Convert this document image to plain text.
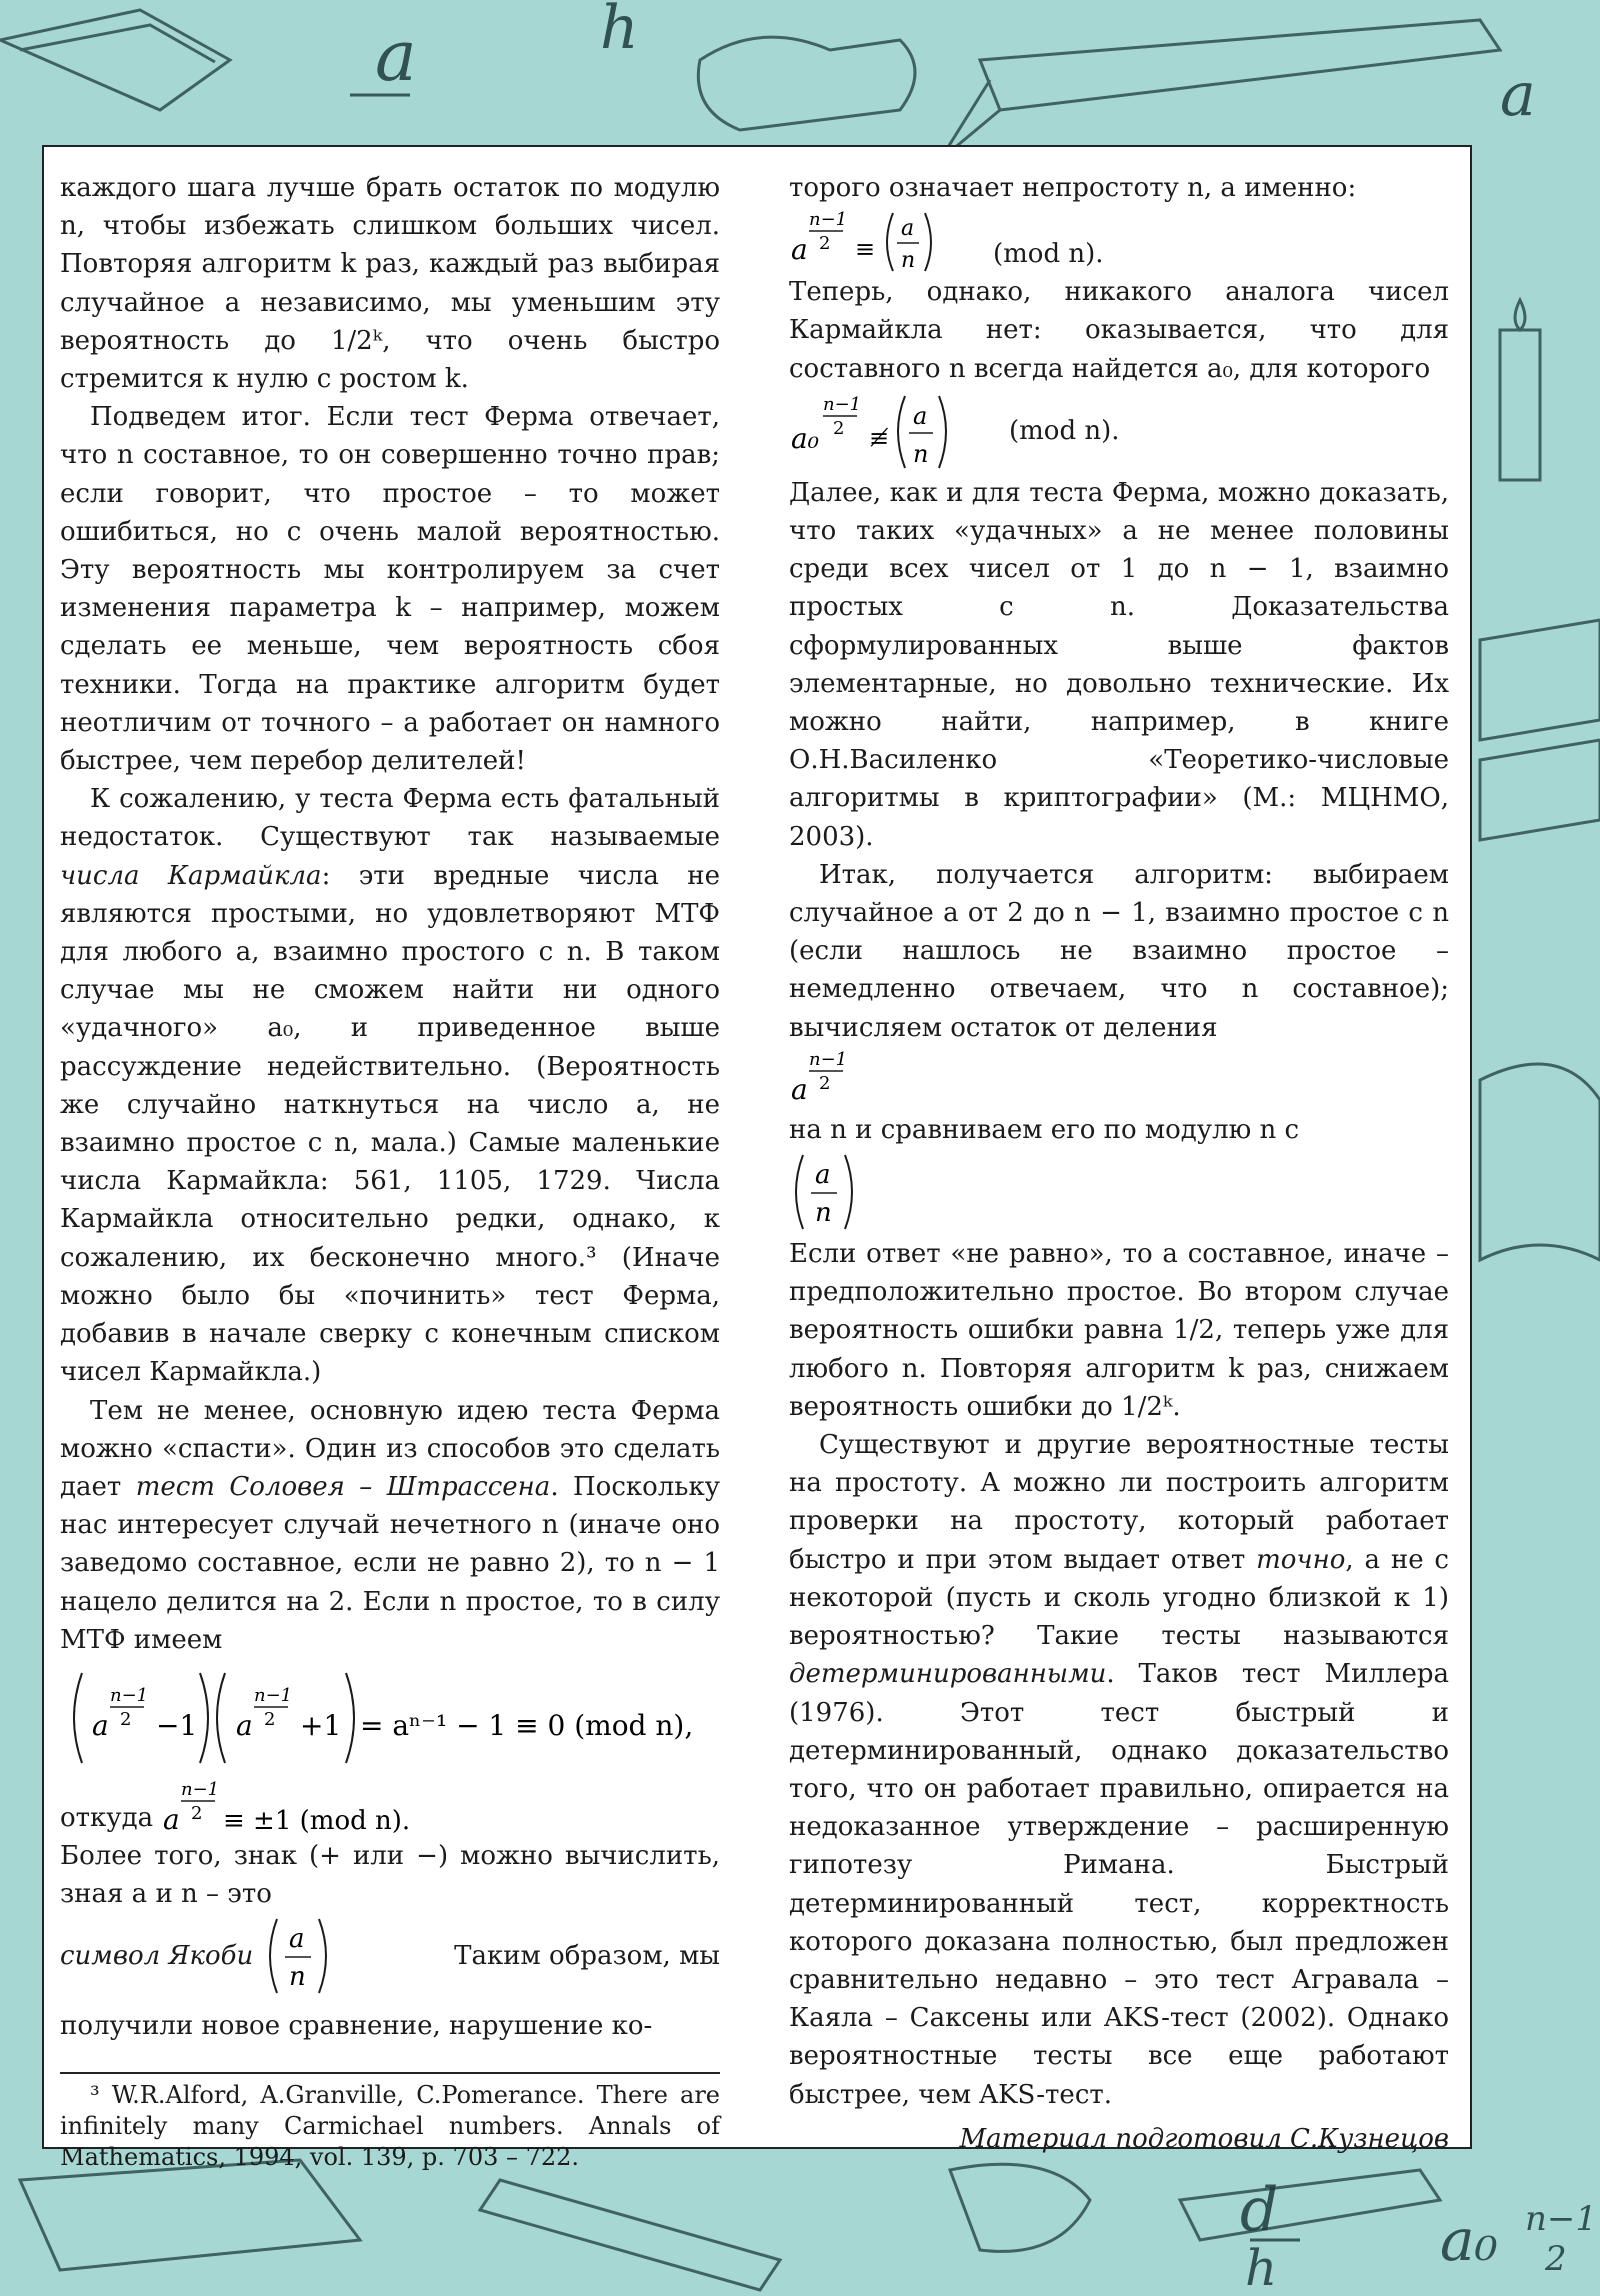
a	h
a
d
h	a₀ n−1
2

каждого шага лучше брать остаток по модулю n, чтобы избежать слишком больших чисел. Повторяя алгоритм k раз, каждый раз выбирая случайное a независимо, мы уменьшим эту вероятность до 1/2ᵏ, что очень быстро стремится к нулю с ростом k.

Подведем итог. Если тест Ферма отвечает, что n составное, то он совершенно точно прав; если говорит, что простое – то может ошибиться, но с очень малой вероятностью. Эту вероятность мы контролируем за счет изменения параметра k – например, можем сделать ее меньше, чем вероятность сбоя техники. Тогда на практике алгоритм будет неотличим от точного – а работает он намного быстрее, чем перебор делителей!

К сожалению, у теста Ферма есть фатальный недостаток. Существуют так называемые числа Кармайкла: эти вредные числа не являются простыми, но удовлетворяют МТФ для любого a, взаимно простого с n. В таком случае мы не сможем найти ни одного «удачного» a₀, и приведенное выше рассуждение недействительно. (Вероятность же случайно наткнуться на число a, не взаимно простое с n, мала.) Самые маленькие числа Кармайкла: 561, 1105, 1729. Числа Кармайкла относительно редки, однако, к сожалению, их бесконечно много.³ (Иначе можно было бы «починить» тест Ферма, добавив в начале сверку с конечным списком чисел Кармайкла.)

Тем не менее, основную идею теста Ферма можно «спасти». Один из способов это сделать дает тест Соловея – Штрассена. Поскольку нас интересует случай нечетного n (иначе оно заведомо составное, если не равно 2), то n − 1 нацело делится на 2. Если n простое, то в силу МТФ имеем

a
n−1
2 −1 a
n−1
2 +1 = aⁿ⁻¹ − 1 ≡ 0 (mod n),
откуда a
n−1
2 ≡ ±1 (mod n).

Более того, знак (+ или −) можно вычислить, зная a и n – это

символ Якоби
a
n
Таким образом, мы

получили новое сравнение, нарушение ко-

³ W.R.Alford, A.Granville, C.Pomerance. There are infinitely many Carmichael numbers. Annals of Mathematics, 1994, vol. 139, p. 703 – 722.

торого означает непростоту n, а именно:

a
n−1
2 ≡
a
n	(mod n).

Теперь, однако, никакого аналога чисел Кармайкла нет: оказывается, что для составного n всегда найдется a₀, для которого

a₀
n−1
2 ≢
a
n
(mod n).

Далее, как и для теста Ферма, можно доказать, что таких «удачных» a не менее половины среди всех чисел от 1 до n − 1, взаимно простых с n. Доказательства сформулированных выше фактов элементарные, но довольно технические. Их можно найти, например, в книге О.Н.Василенко «Теоретико-числовые алгоритмы в криптографии» (М.: МЦНМО, 2003).

Итак, получается алгоритм: выбираем случайное a от 2 до n − 1, взаимно простое с n (если нашлось не взаимно простое – немедленно отвечаем, что n составное); вычисляем остаток от деления

a
n−1
2

на n и сравниваем его по модулю n с

a
n

Если ответ «не равно», то a составное, иначе – предположительно простое. Во втором случае вероятность ошибки равна 1/2, теперь уже для любого n. Повторяя алгоритм k раз, снижаем вероятность ошибки до 1/2ᵏ.

Существуют и другие вероятностные тесты на простоту. А можно ли построить алгоритм проверки на простоту, который работает быстро и при этом выдает ответ точно, а не с некоторой (пусть и сколь угодно близкой к 1) вероятностью? Такие тесты называются детерминированными. Таков тест Миллера (1976). Этот тест быстрый и детерминированный, однако доказательство того, что он работает правильно, опирается на недоказанное утверждение – расширенную гипотезу Римана. Быстрый детерминированный тест, корректность которого доказана полностью, был предложен сравнительно недавно – это тест Агравала – Каяла – Саксены или AKS-тест (2002). Однако вероятностные тесты все еще работают быстрее, чем AKS-тест.

Материал подготовил С.Кузнецов
